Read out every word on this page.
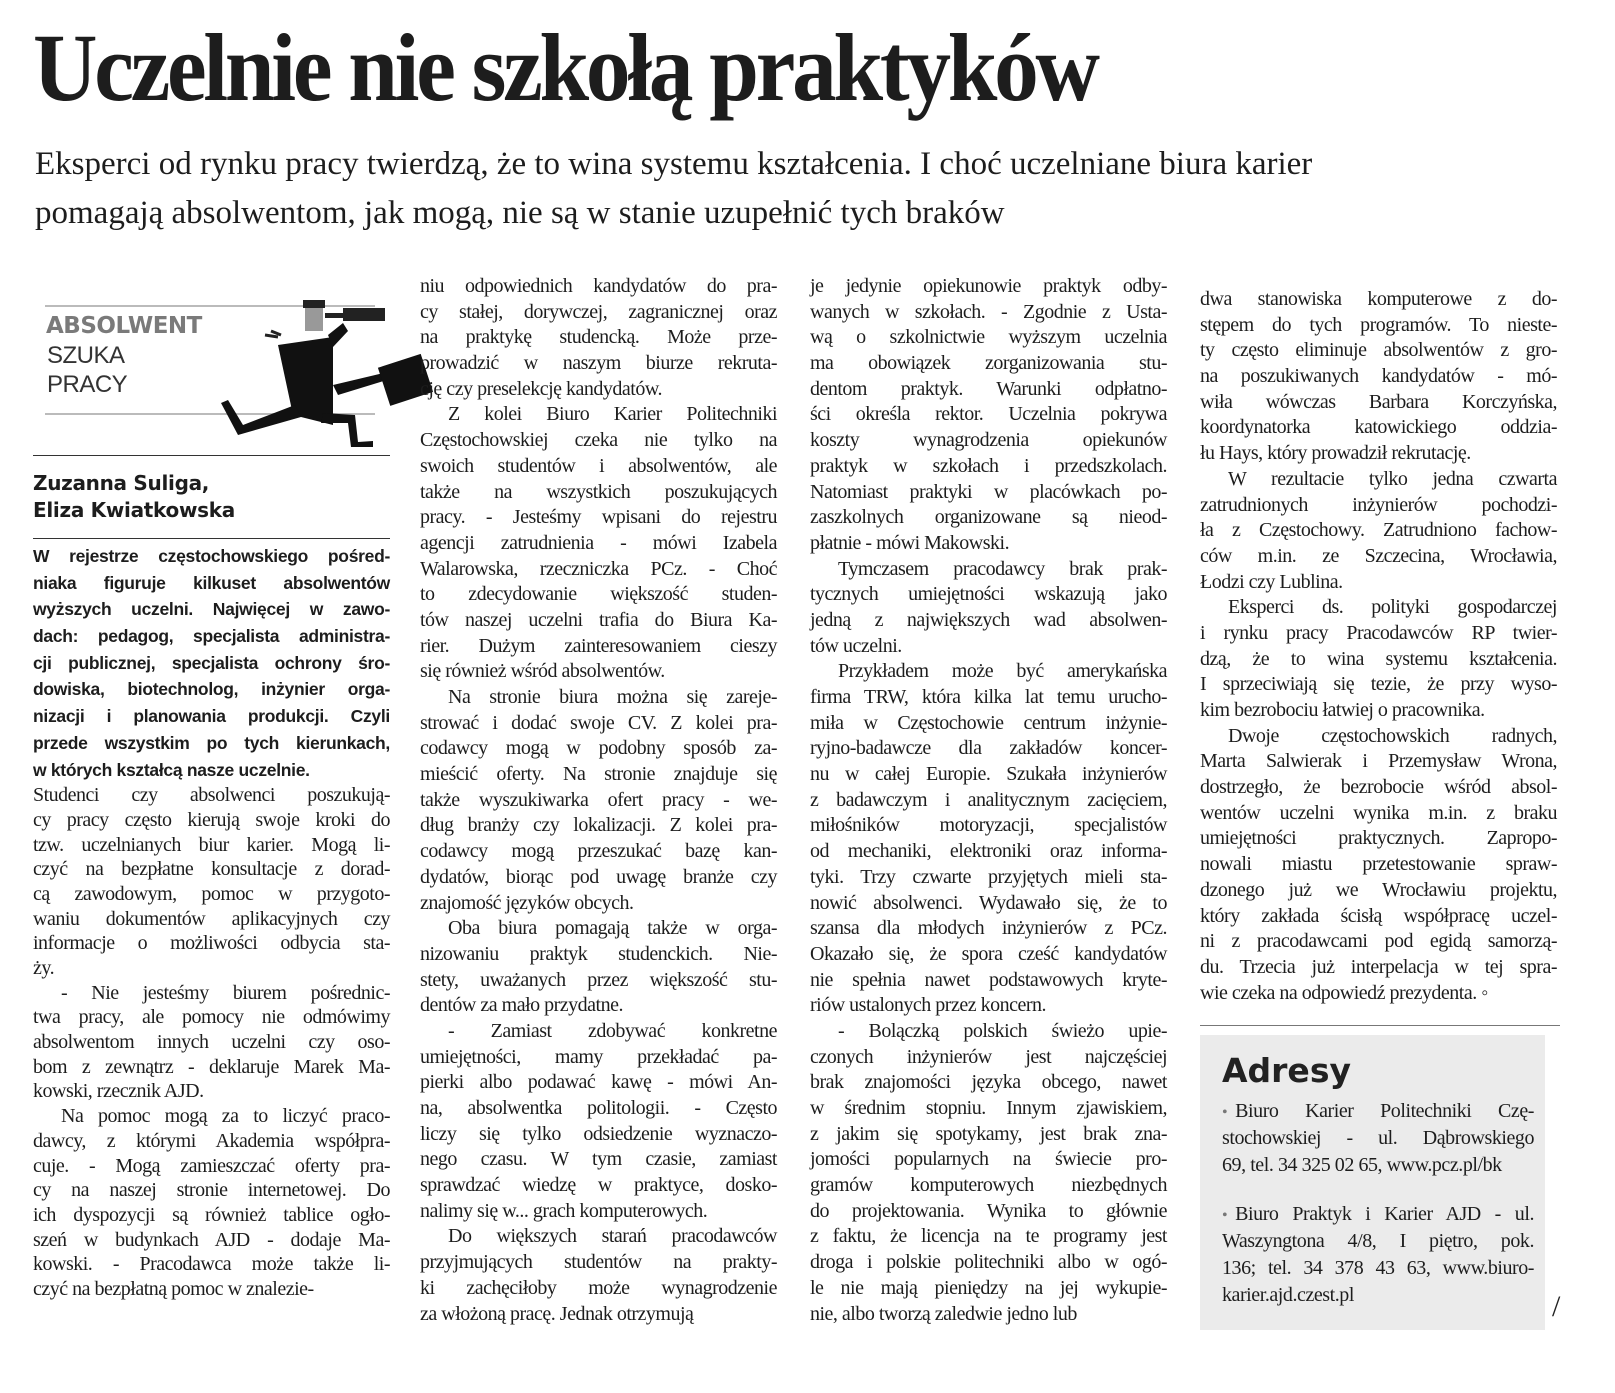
Uczelnie nie szkołą praktyków
Eksperci od rynku pracy twierdzą, że to wina systemu kształcenia. I choć uczelniane biura karier
pomagają absolwentom, jak mogą, nie są w stanie uzupełnić tych braków
ABSOLWENT
SZUKA
PRACY
Zuzanna Suliga,
Eliza Kwiatkowska
W rejestrze częstochowskiego pośred-
niaka figuruje kilkuset absolwentów
wyższych uczelni. Najwięcej w zawo-
dach: pedagog, specjalista administra-
cji publicznej, specjalista ochrony śro-
dowiska, biotechnolog, inżynier orga-
nizacji i planowania produkcji. Czyli
przede wszystkim po tych kierunkach,
w których kształcą nasze uczelnie.
Studenci czy absolwenci poszukują-
cy pracy często kierują swoje kroki do
tzw. uczelnianych biur karier. Mogą li-
czyć na bezpłatne konsultacje z dorad-
cą zawodowym, pomoc w przygoto-
waniu dokumentów aplikacyjnych czy
informacje o możliwości odbycia sta-
ży.
- Nie jesteśmy biurem pośrednic-
twa pracy, ale pomocy nie odmówimy
absolwentom innych uczelni czy oso-
bom z zewnątrz - deklaruje Marek Ma-
kowski, rzecznik AJD.
Na pomoc mogą za to liczyć praco-
dawcy, z którymi Akademia współpra-
cuje. - Mogą zamieszczać oferty pra-
cy na naszej stronie internetowej. Do
ich dyspozycji są również tablice ogło-
szeń w budynkach AJD - dodaje Ma-
kowski. - Pracodawca może także li-
czyć na bezpłatną pomoc w znalezie-
niu odpowiednich kandydatów do pra-
cy stałej, dorywczej, zagranicznej oraz
na praktykę studencką. Może prze-
prowadzić w naszym biurze rekruta-
cję czy preselekcję kandydatów.
Z kolei Biuro Karier Politechniki
Częstochowskiej czeka nie tylko na
swoich studentów i absolwentów, ale
także na wszystkich poszukujących
pracy. - Jesteśmy wpisani do rejestru
agencji zatrudnienia - mówi Izabela
Walarowska, rzeczniczka PCz. - Choć
to zdecydowanie większość studen-
tów naszej uczelni trafia do Biura Ka-
rier. Dużym zainteresowaniem cieszy
się również wśród absolwentów.
Na stronie biura można się zareje-
strować i dodać swoje CV. Z kolei pra-
codawcy mogą w podobny sposób za-
mieścić oferty. Na stronie znajduje się
także wyszukiwarka ofert pracy - we-
dług branży czy lokalizacji. Z kolei pra-
codawcy mogą przeszukać bazę kan-
dydatów, biorąc pod uwagę branże czy
znajomość języków obcych.
Oba biura pomagają także w orga-
nizowaniu praktyk studenckich. Nie-
stety, uważanych przez większość stu-
dentów za mało przydatne.
- Zamiast zdobywać konkretne
umiejętności, mamy przekładać pa-
pierki albo podawać kawę - mówi An-
na, absolwentka politologii. - Często
liczy się tylko odsiedzenie wyznaczo-
nego czasu. W tym czasie, zamiast
sprawdzać wiedzę w praktyce, dosko-
nalimy się w... grach komputerowych.
Do większych starań pracodawców
przyjmujących studentów na prakty-
ki zachęciłoby może wynagrodzenie
za włożoną pracę. Jednak otrzymują
je jedynie opiekunowie praktyk odby-
wanych w szkołach. - Zgodnie z Usta-
wą o szkolnictwie wyższym uczelnia
ma obowiązek zorganizowania stu-
dentom praktyk. Warunki odpłatno-
ści określa rektor. Uczelnia pokrywa
koszty wynagrodzenia opiekunów
praktyk w szkołach i przedszkolach.
Natomiast praktyki w placówkach po-
zaszkolnych organizowane są nieod-
płatnie - mówi Makowski.
Tymczasem pracodawcy brak prak-
tycznych umiejętności wskazują jako
jedną z największych wad absolwen-
tów uczelni.
Przykładem może być amerykańska
firma TRW, która kilka lat temu urucho-
miła w Częstochowie centrum inżynie-
ryjno-badawcze dla zakładów koncer-
nu w całej Europie. Szukała inżynierów
z badawczym i analitycznym zacięciem,
miłośników motoryzacji, specjalistów
od mechaniki, elektroniki oraz informa-
tyki. Trzy czwarte przyjętych mieli sta-
nowić absolwenci. Wydawało się, że to
szansa dla młodych inżynierów z PCz.
Okazało się, że spora cześć kandydatów
nie spełnia nawet podstawowych kryte-
riów ustalonych przez koncern.
- Bolączką polskich świeżo upie-
czonych inżynierów jest najczęściej
brak znajomości języka obcego, nawet
w średnim stopniu. Innym zjawiskiem,
z jakim się spotykamy, jest brak zna-
jomości popularnych na świecie pro-
gramów komputerowych niezbędnych
do projektowania. Wynika to głównie
z faktu, że licencja na te programy jest
droga i polskie politechniki albo w ogó-
le nie mają pieniędzy na jej wykupie-
nie, albo tworzą zaledwie jedno lub
dwa stanowiska komputerowe z do-
stępem do tych programów. To nieste-
ty często eliminuje absolwentów z gro-
na poszukiwanych kandydatów - mó-
wiła wówczas Barbara Korczyńska,
koordynatorka katowickiego oddzia-
łu Hays, który prowadził rekrutację.
W rezultacie tylko jedna czwarta
zatrudnionych inżynierów pochodzi-
ła z Częstochowy. Zatrudniono fachow-
ców m.in. ze Szczecina, Wrocławia,
Łodzi czy Lublina.
Eksperci ds. polityki gospodarczej
i rynku pracy Pracodawców RP twier-
dzą, że to wina systemu kształcenia.
I sprzeciwiają się tezie, że przy wyso-
kim bezrobociu łatwiej o pracownika.
Dwoje częstochowskich radnych,
Marta Salwierak i Przemysław Wrona,
dostrzegło, że bezrobocie wśród absol-
wentów uczelni wynika m.in. z braku
umiejętności praktycznych. Zapropo-
nowali miastu przetestowanie spraw-
dzonego już we Wrocławiu projektu,
który zakłada ścisłą współpracę uczel-
ni z pracodawcami pod egidą samorzą-
du. Trzecia już interpelacja w tej spra-
wie czeka na odpowiedź prezydenta. ◦
Adresy
• Biuro Karier Politechniki Czę-
stochowskiej - ul. Dąbrowskiego
69, tel. 34 325 02 65, www.pcz.pl/bk
• Biuro Praktyk i Karier AJD - ul.
Waszyngtona 4/8, I piętro, pok.
136; tel. 34 378 43 63, www.biuro-
karier.ajd.czest.pl	/
